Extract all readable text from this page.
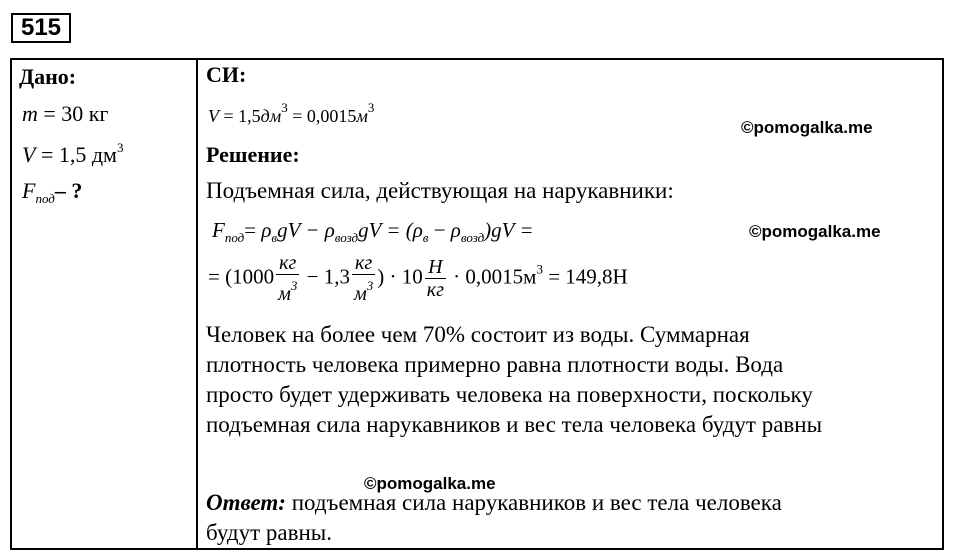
515
Дано:
m = 30 кг
V = 1,5 $дм^3$
$F_{под}-$ ?
СИ:
$V = 1,5дм^3 = 0,0015м^3$
©pomogalka.me
Решение:
Подъемная сила, действующая на нарукавники:
$F_{под}= \rho_вgV - \rho_{возд}gV = (\rho_в - \rho_{возд})gV$ =	©pomogalka.me
= ($1000 \frac{кг}{м^3} - 1,3 \frac{кг}{м^3}$ ) · $10 \frac{Н}{кг} \cdot 0,0015м^3 = 149,8Н$
Человек на более чем 70% состоит из воды. Суммарная
плотность человека примерно равна плотности воды. Вода
просто будет удерживать человека на поверхности, поскольку
подъемная сила нарукавников и вес тела человека будут равны
©pomogalka.me
Ответ: подъемная сила нарукавников и вес тела человека
будут равны.
